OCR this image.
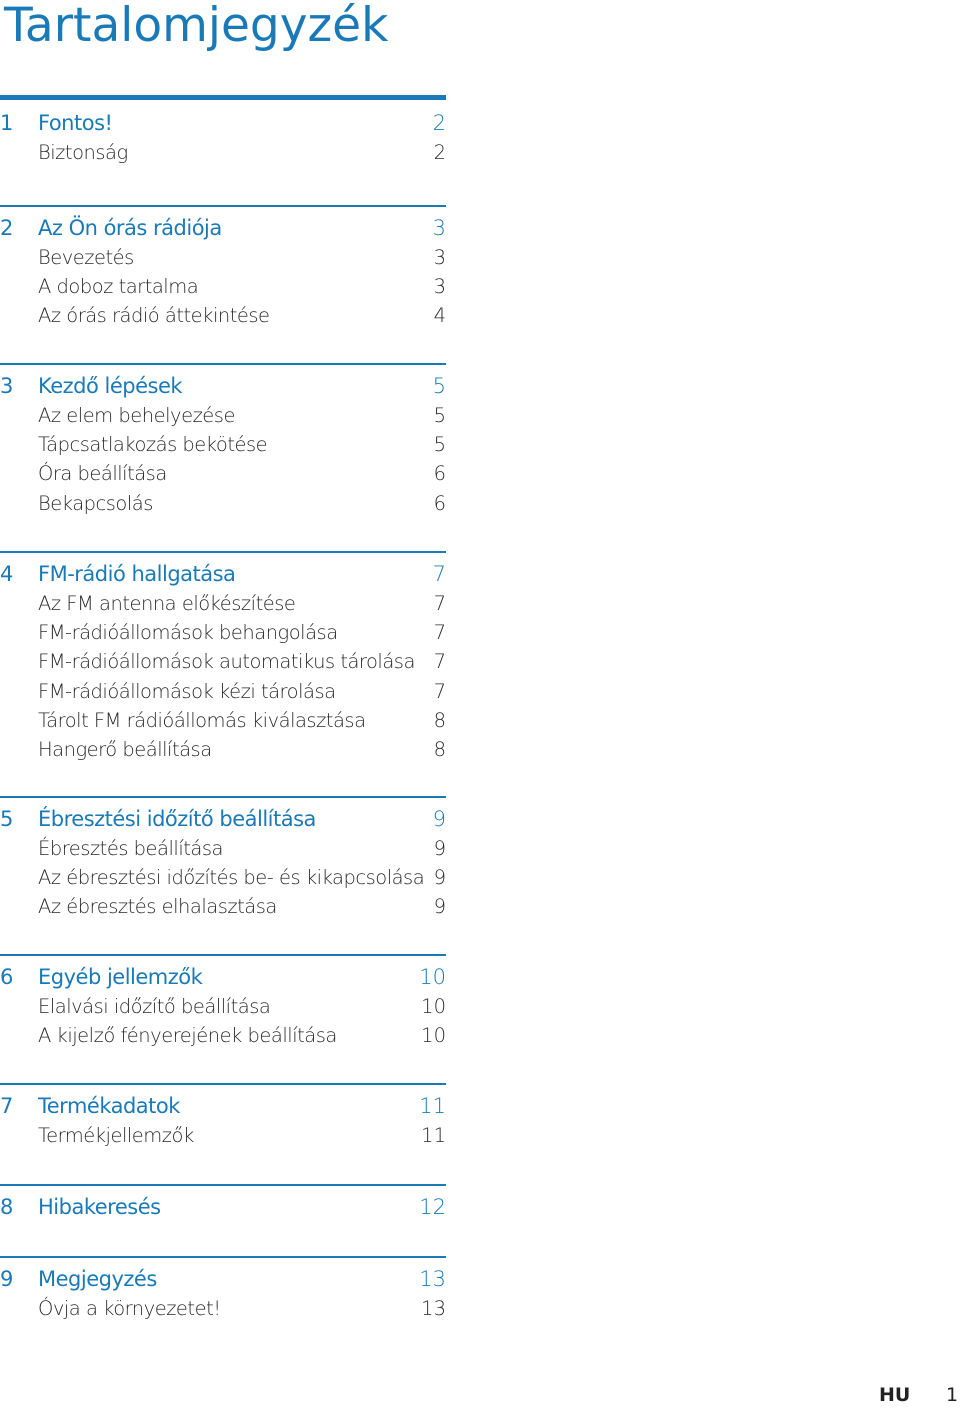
Tartalomjegyzék
1 Fontos!	2
Biztonság	2
2 Az Ön órás rádiója	3
Bevezetés	3
A doboz tartalma	3
Az órás rádió áttekintése	4
3 Kezdő lépések	5
Az elem behelyezése	5
Tápcsatlakozás bekötése	5
Óra beállítása	6
Bekapcsolás	6
4 FM-rádió hallgatása	7
Az FM antenna előkészítése	7
FM-rádióállomások behangolása	7
FM-rádióállomások automatikus tárolása 7
FM-rádióállomások kézi tárolása	7
Tárolt FM rádióállomás kiválasztása	8
Hangerő beállítása	8
5 Ébresztési időzítő beállítása	9
Ébresztés beállítása	9
Az ébresztési időzítés be- és kikapcsolása 9
Az ébresztés elhalasztása	9
6 Egyéb jellemzők	10
Elalvási időzítő beállítása	10
A kijelző fényerejének beállítása	10
7 Termékadatok	11
Termékjellemzők	11
8 Hibakeresés	12
9 Megjegyzés	13
Óvja a környezetet!	13
HU 1
